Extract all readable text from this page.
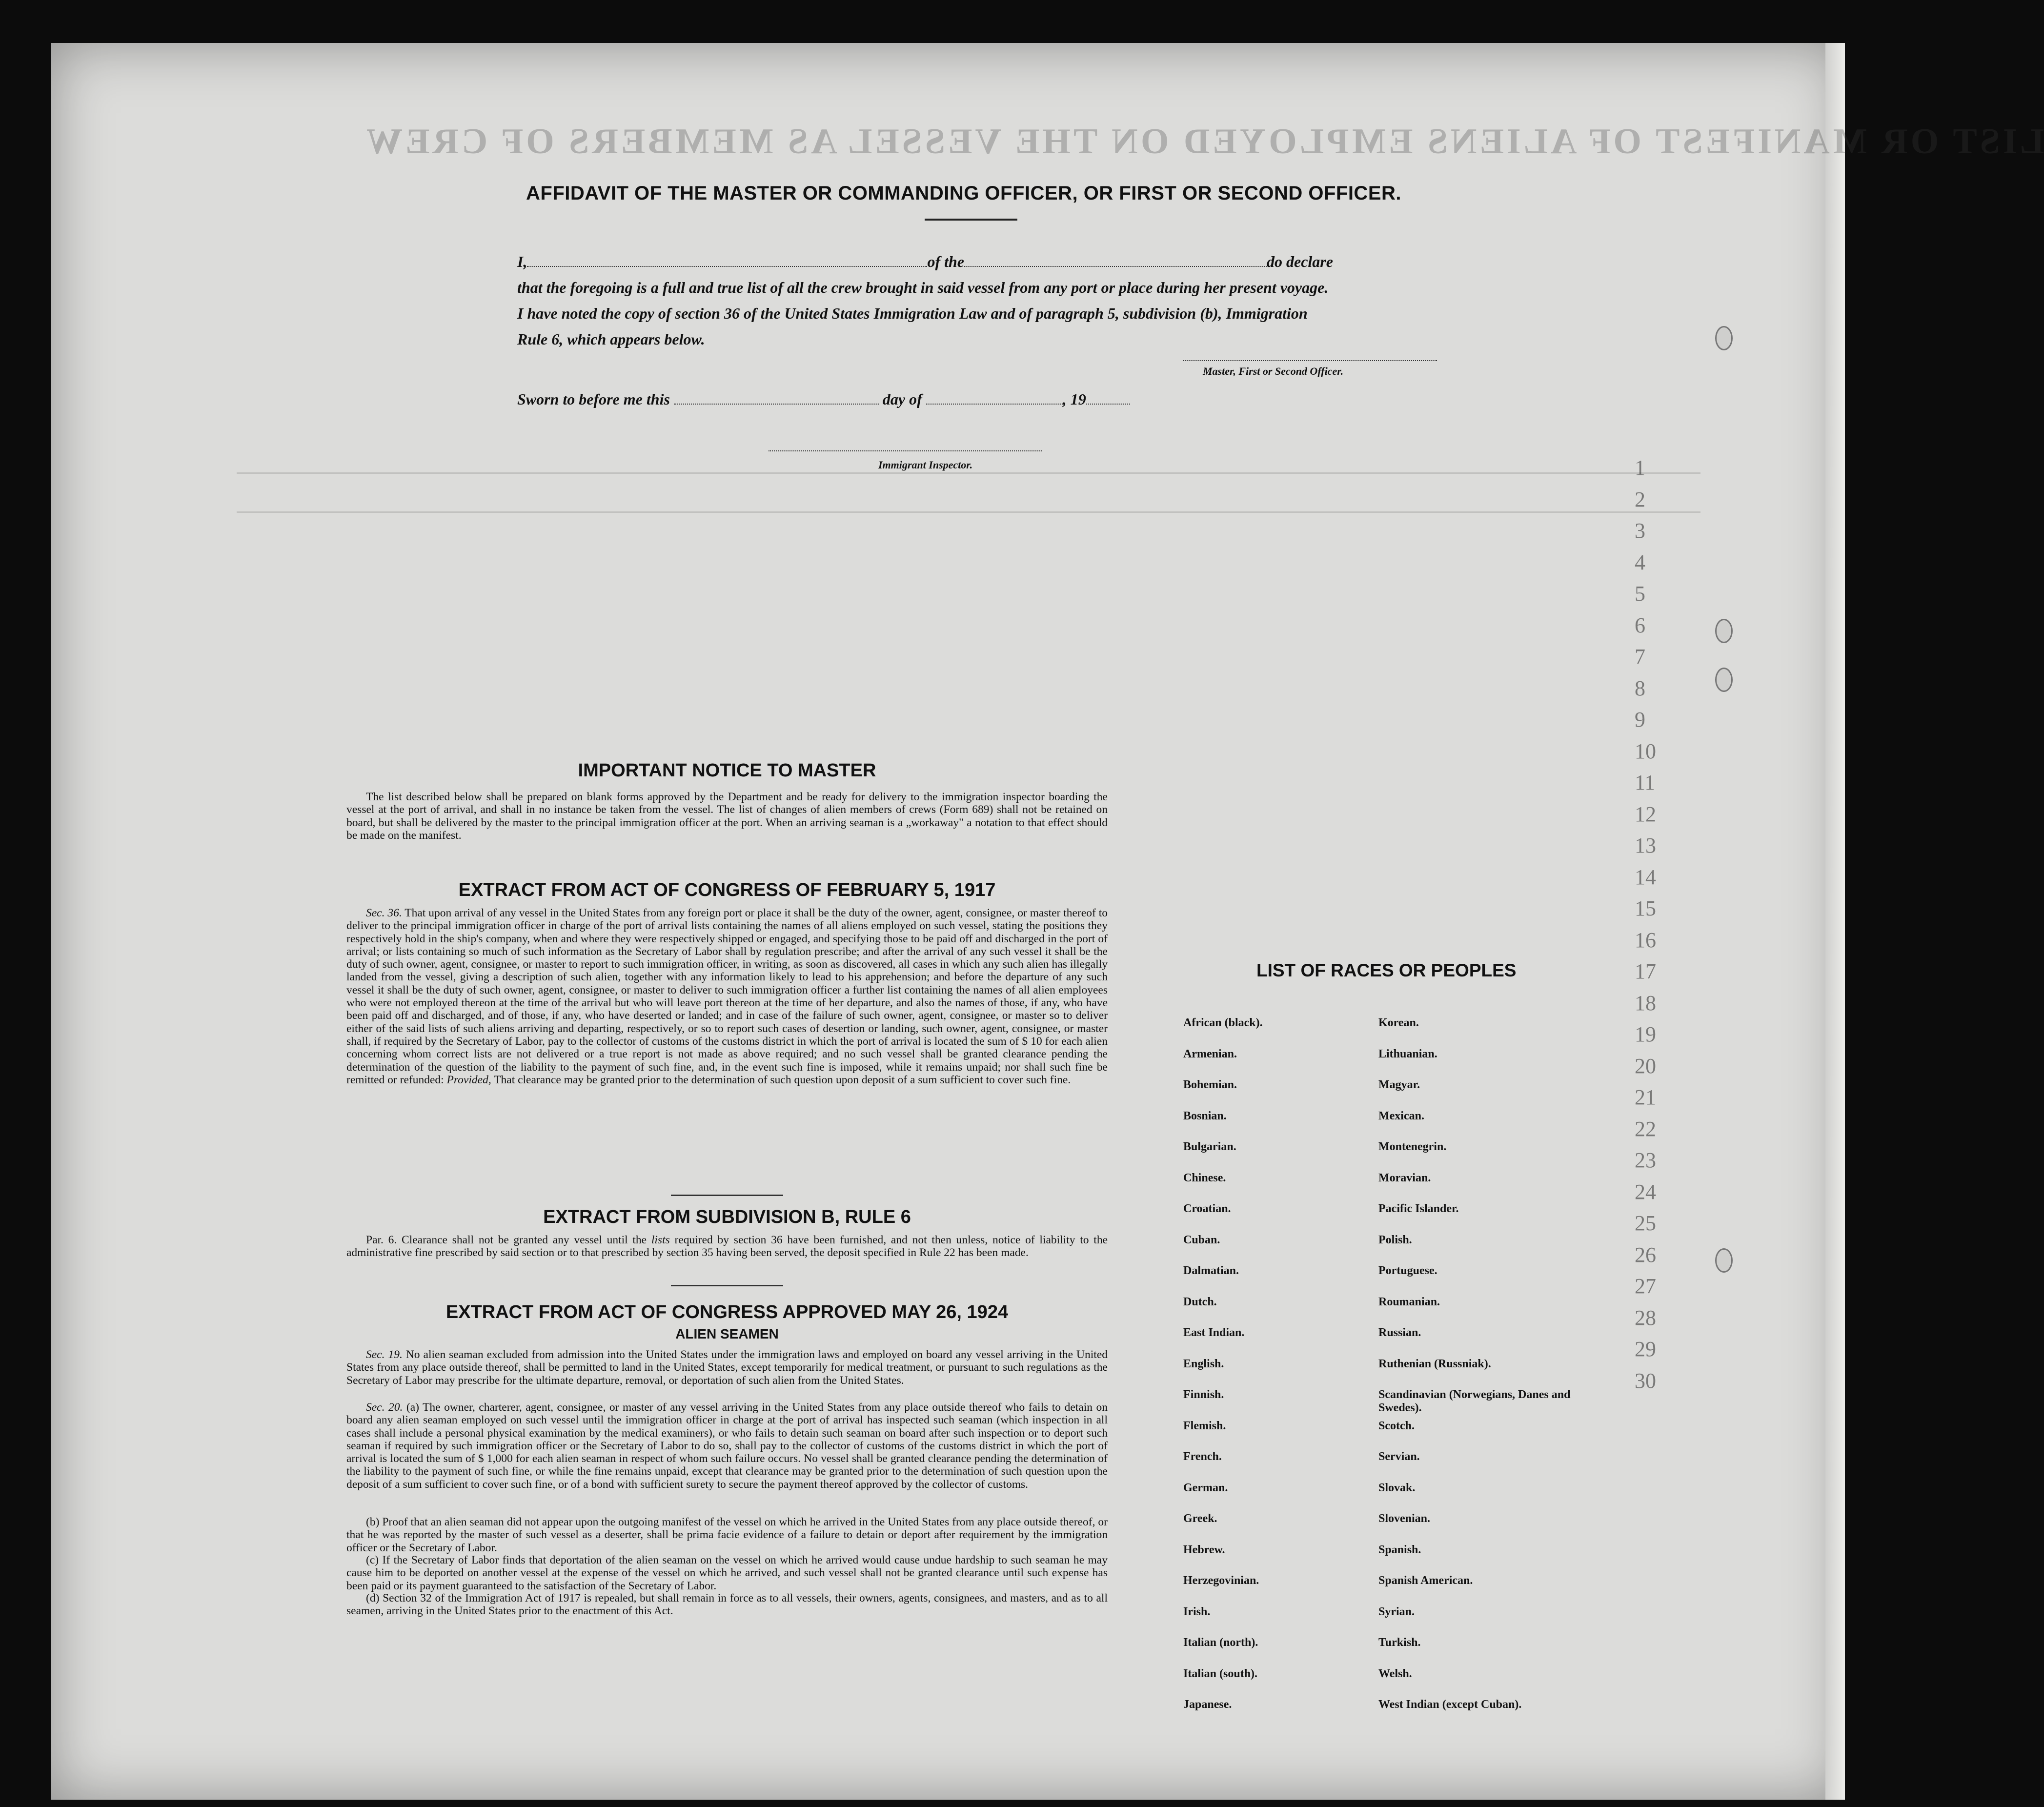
LIST OR MANIFEST OF ALIENS EMPLOYED ON THE VESSEL AS MEMBERS OF CREW
1
2
3
4
5
6
7
8
9
10
11
12
13
14
15
16
17
18
19
20
21
22
23
24
25
26
27
28
29
30
AFFIDAVIT OF THE MASTER OR COMMANDING OFFICER, OR FIRST OR SECOND OFFICER.
I,	of the	do declare
that the foregoing is a full and true list of all the crew brought in said vessel from any port or place during her present voyage.
I have noted the copy of section 36 of the United States Immigration Law and of paragraph 5, subdivision (b), Immigration
Rule 6, which appears below.
Master, First or Second Officer.
Sworn to before me this	day of	, 19
Immigrant Inspector.
IMPORTANT NOTICE TO MASTER

The list described below shall be prepared on blank forms approved by the Department and be ready for delivery to the immigration inspector boarding the vessel at the port of arrival, and shall in no instance be taken from the vessel. The list of changes of alien members of crews (Form 689) shall not be retained on board, but shall be delivered by the master to the principal immigration officer at the port. When an arriving seaman is a „workaway" a notation to that effect should be made on the manifest.

EXTRACT FROM ACT OF CONGRESS OF FEBRUARY 5, 1917

Sec. 36. That upon arrival of any vessel in the United States from any foreign port or place it shall be the duty of the owner, agent, consignee, or master thereof to deliver to the principal immigration officer in charge of the port of arrival lists containing the names of all aliens employed on such vessel, stating the positions they respectively hold in the ship's company, when and where they were respectively shipped or engaged, and specifying those to be paid off and discharged in the port of arrival; or lists containing so much of such information as the Secretary of Labor shall by regulation prescribe; and after the arrival of any such vessel it shall be the duty of such owner, agent, consignee, or master to report to such immigration officer, in writing, as soon as discovered, all cases in which any such alien has illegally landed from the vessel, giving a description of such alien, together with any information likely to lead to his apprehension; and before the departure of any such vessel it shall be the duty of such owner, agent, consignee, or master to deliver to such immigration officer a further list containing the names of all alien employees who were not employed thereon at the time of the arrival but who will leave port thereon at the time of her departure, and also the names of those, if any, who have been paid off and discharged, and of those, if any, who have deserted or landed; and in case of the failure of such owner, agent, consignee, or master so to deliver either of the said lists of such aliens arriving and departing, respectively, or so to report such cases of desertion or landing, such owner, agent, consignee, or master shall, if required by the Secretary of Labor, pay to the collector of customs of the customs district in which the port of arrival is located the sum of $ 10 for each alien concerning whom correct lists are not delivered or a true report is not made as above required; and no such vessel shall be granted clearance pending the determination of the question of the liability to the payment of such fine, and, in the event such fine is imposed, while it remains unpaid; nor shall such fine be remitted or refunded: Provided, That clearance may be granted prior to the determination of such question upon deposit of a sum sufficient to cover such fine.

EXTRACT FROM SUBDIVISION B, RULE 6

Par. 6. Clearance shall not be granted any vessel until the lists required by section 36 have been furnished, and not then unless, notice of liability to the administrative fine prescribed by said section or to that prescribed by section 35 having been served, the deposit specified in Rule 22 has been made.

EXTRACT FROM ACT OF CONGRESS APPROVED MAY 26, 1924
ALIEN SEAMEN

Sec. 19. No alien seaman excluded from admission into the United States under the immigration laws and employed on board any vessel arriving in the United States from any place outside thereof, shall be permitted to land in the United States, except temporarily for medical treatment, or pursuant to such regulations as the Secretary of Labor may prescribe for the ultimate departure, removal, or deportation of such alien from the United States.

Sec. 20. (a) The owner, charterer, agent, consignee, or master of any vessel arriving in the United States from any place outside thereof who fails to detain on board any alien seaman employed on such vessel until the immigration officer in charge at the port of arrival has inspected such seaman (which inspection in all cases shall include a personal physical examination by the medical examiners), or who fails to detain such seaman on board after such inspection or to deport such seaman if required by such immigration officer or the Secretary of Labor to do so, shall pay to the collector of customs of the customs district in which the port of arrival is located the sum of $ 1,000 for each alien seaman in respect of whom such failure occurs. No vessel shall be granted clearance pending the determination of the liability to the payment of such fine, or while the fine remains unpaid, except that clearance may be granted prior to the determination of such question upon the deposit of a sum sufficient to cover such fine, or of a bond with sufficient surety to secure the payment thereof approved by the collector of customs.

(b) Proof that an alien seaman did not appear upon the outgoing manifest of the vessel on which he arrived in the United States from any place outside thereof, or that he was reported by the master of such vessel as a deserter, shall be prima facie evidence of a failure to detain or deport after requirement by the immigration officer or the Secretary of Labor.

(c) If the Secretary of Labor finds that deportation of the alien seaman on the vessel on which he arrived would cause undue hardship to such seaman he may cause him to be deported on another vessel at the expense of the vessel on which he arrived, and such vessel shall not be granted clearance until such expense has been paid or its payment guaranteed to the satisfaction of the Secretary of Labor.

(d) Section 32 of the Immigration Act of 1917 is repealed, but shall remain in force as to all vessels, their owners, agents, consignees, and masters, and as to all seamen, arriving in the United States prior to the enactment of this Act.

LIST OF RACES OR PEOPLES
African (black).
Armenian.
Bohemian.
Bosnian.
Bulgarian.
Chinese.
Croatian.
Cuban.
Dalmatian.
Dutch.
East Indian.
English.
Finnish.
Flemish.
French.
German.
Greek.
Hebrew.
Herzegovinian.
Irish.
Italian (north).
Italian (south).
Japanese.
Korean.
Lithuanian.
Magyar.
Mexican.
Montenegrin.
Moravian.
Pacific Islander.
Polish.
Portuguese.
Roumanian.
Russian.
Ruthenian (Russniak).
Scandinavian (Norwegians, Danes and Swedes).
Scotch.
Servian.
Slovak.
Slovenian.
Spanish.
Spanish American.
Syrian.
Turkish.
Welsh.
West Indian (except Cuban).
